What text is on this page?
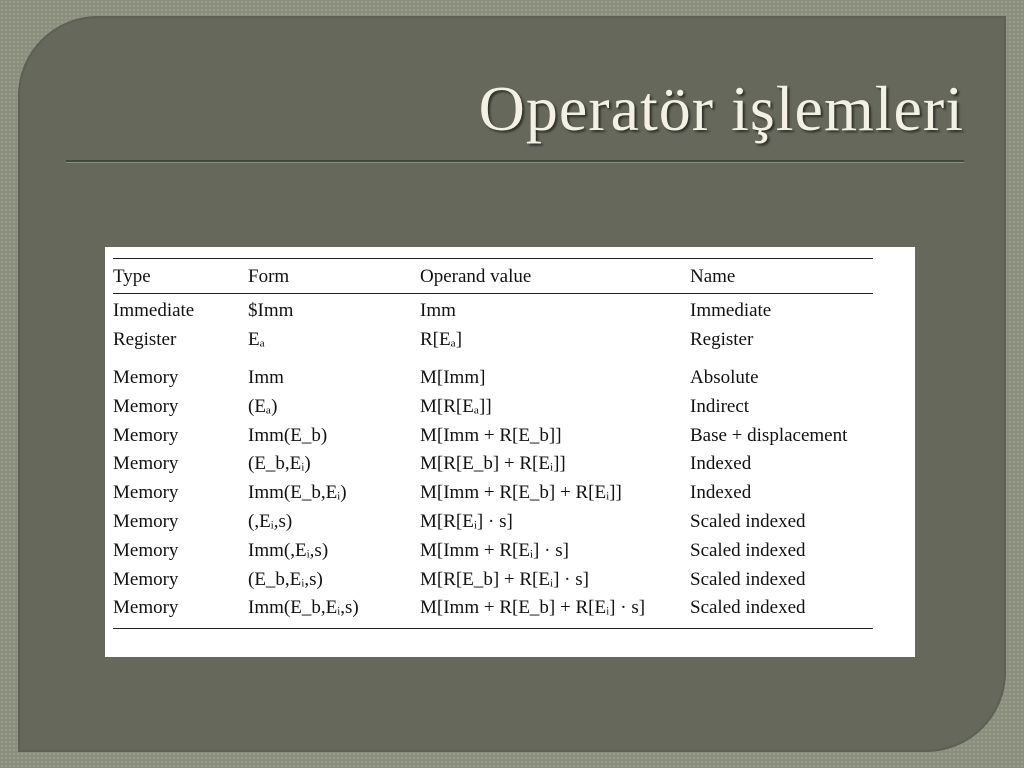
Operatör işlemleri
Type	Form	Operand value	Name
Immediate	$Imm	Imm	Immediate
Register	Eₐ	R[Eₐ]	Register
Memory	Imm	M[Imm]	Absolute
Memory	(Eₐ)	M[R[Eₐ]]	Indirect
Memory	Imm(E_b)	M[Imm + R[E_b]]	Base + displacement
Memory	(E_b,Eᵢ)	M[R[E_b] + R[Eᵢ]]	Indexed
Memory	Imm(E_b,Eᵢ)	M[Imm + R[E_b] + R[Eᵢ]]	Indexed
Memory	(,Eᵢ,s)	M[R[Eᵢ] · s]	Scaled indexed
Memory	Imm(,Eᵢ,s)	M[Imm + R[Eᵢ] · s]	Scaled indexed
Memory	(E_b,Eᵢ,s)	M[R[E_b] + R[Eᵢ] · s]	Scaled indexed
Memory	Imm(E_b,Eᵢ,s)	M[Imm + R[E_b] + R[Eᵢ] · s]	Scaled indexed
